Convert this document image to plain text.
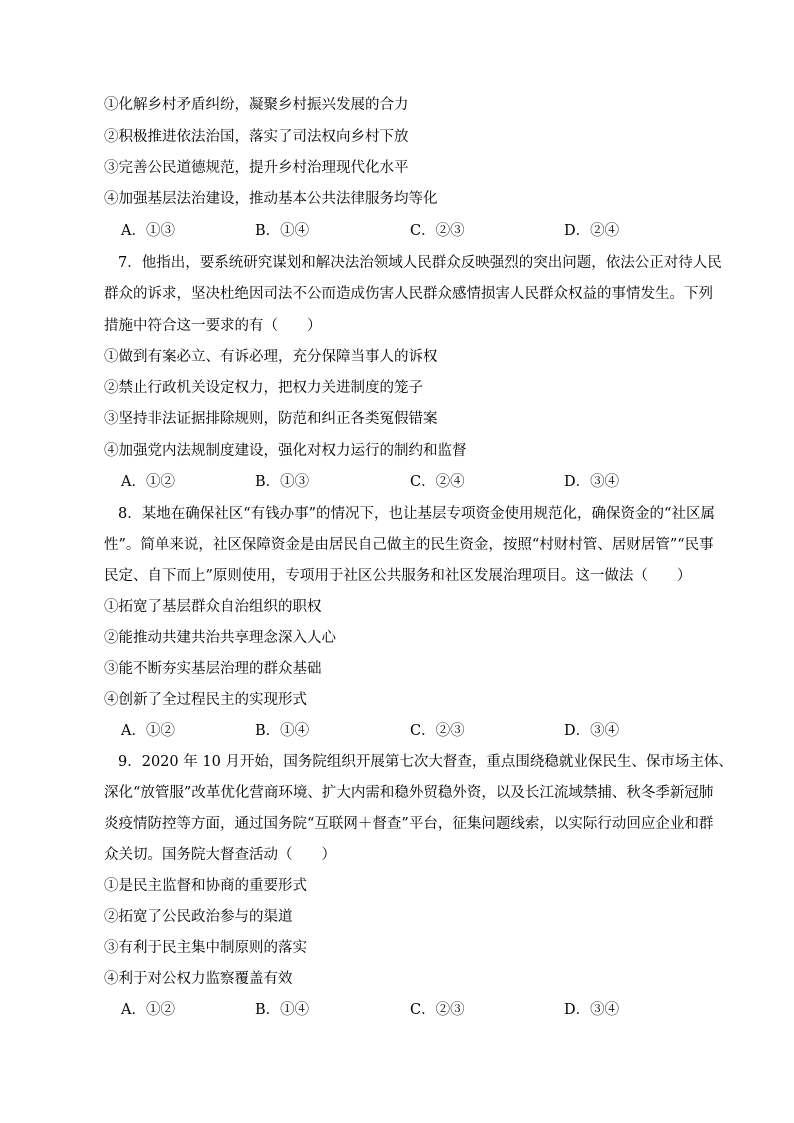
①化解乡村矛盾纠纷，凝聚乡村振兴发展的合力
②积极推进依法治国，落实了司法权向乡村下放
③完善公民道德规范，提升乡村治理现代化水平
④加强基层法治建设，推动基本公共法律服务均等化
A．①③	B．①④	C．②③	D．②④
7．他指出，要系统研究谋划和解决法治领域人民群众反映强烈的突出问题，依法公正对待人民
群众的诉求，坚决杜绝因司法不公而造成伤害人民群众感情损害人民群众权益的事情发生。下列
措施中符合这一要求的有（　　）
①做到有案必立、有诉必理，充分保障当事人的诉权
②禁止行政机关设定权力，把权力关进制度的笼子
③坚持非法证据排除规则，防范和纠正各类冤假错案
④加强党内法规制度建设，强化对权力运行的制约和监督
A．①②	B．①③	C．②④	D．③④
8．某地在确保社区“有钱办事”的情况下，也让基层专项资金使用规范化，确保资金的“社区属
性”。简单来说，社区保障资金是由居民自己做主的民生资金，按照“村财村管、居财居管”“民事
民定、自下而上”原则使用，专项用于社区公共服务和社区发展治理项目。这一做法（　　）
①拓宽了基层群众自治组织的职权
②能推动共建共治共享理念深入人心
③能不断夯实基层治理的群众基础
④创新了全过程民主的实现形式
A．①②	B．①④	C．②③	D．③④
9．2020 年 10 月开始，国务院组织开展第七次大督查，重点围绕稳就业保民生、保市场主体、
深化“放管服”改革优化营商环境、扩大内需和稳外贸稳外资，以及长江流域禁捕、秋冬季新冠肺
炎疫情防控等方面，通过国务院“互联网＋督查”平台，征集问题线索，以实际行动回应企业和群
众关切。国务院大督查活动（　　）
①是民主监督和协商的重要形式
②拓宽了公民政治参与的渠道
③有利于民主集中制原则的落实
④利于对公权力监察覆盖有效
A．①②	B．①④	C．②③	D．③④
